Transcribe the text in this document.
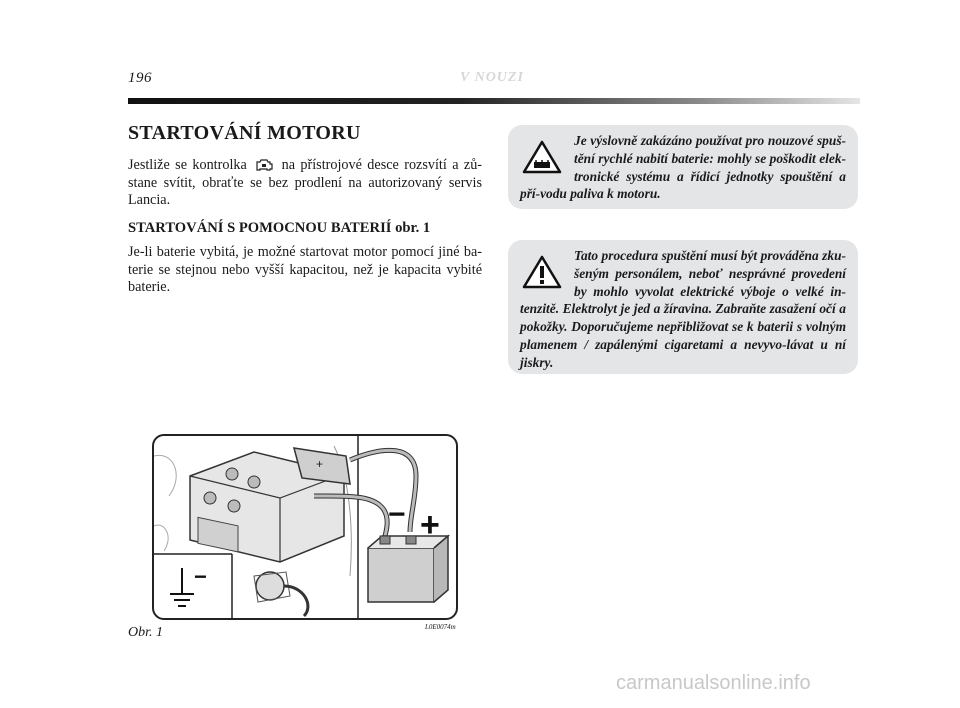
196	V NOUZI
STARTOVÁNÍ MOTORU

Jestliže se kontrolka na přístrojové desce rozsvítí a zů-stane svítit, obraťte se bez prodlení na autorizovaný servis Lancia.

STARTOVÁNÍ S POMOCNOU BATERIÍ obr. 1

Je-li baterie vybitá, je možné startovat motor pomocí jiné ba-terie se stejnou nebo vyšší kapacitou, než je kapacita vybité baterie.

Je výslovně zakázáno používat pro nouzové spuš-tění rychlé nabití baterie: mohly se poškodit elek-tronické systému a řídicí jednotky spouštění a pří-vodu paliva k motoru.

Tato procedura spuštění musí být prováděna zku-šeným personálem, neboť nesprávné provedení by mohlo vyvolat elektrické výboje o velké in-tenzitě. Elektrolyt je jed a žíravina. Zabraňte zasažení očí a pokožky. Doporučujeme nepřibližovat se k baterii s volným plamenem / zapálenými cigaretami a nevyvo-lávat u ní jiskry.

+
− +
−
Obr. 1	L0E0074m
carmanualsonline.info
